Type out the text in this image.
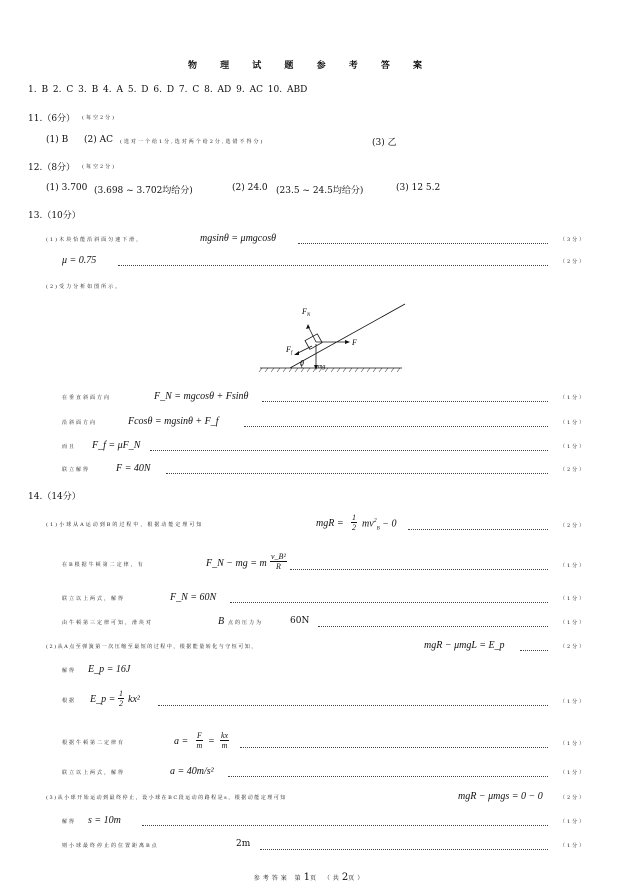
物 理 试 题 参 考 答 案
1. B 2. C 3. B 4. A 5. D 6. D 7. C 8. AD 9. AC 10. ABD
11.（6分） (每空2分)
(1) B (2) AC (选对一个给1分,选对两个给2分,选错不得分)	(3) 乙
12.（8分） (每空2分)
(1) 3.700 (3.698 ~ 3.702均给分)	(2) 24.0 (23.5 ~ 24.5均给分)	(3) 12 5.2
13.（10分）
(1)木块恰能沿斜面匀速下滑，	mgsinθ = μmgcosθ	（3分）
μ = 0.75	（2分）
(2)受力分析如图所示。
$F_N$
$F_f$
F
θ mg
在垂直斜面方向	F_N = mgcosθ + Fsinθ	（1分）
沿斜面方向	Fcosθ = mgsinθ + F_f	（1分）
而且 F_f = μF_N	（1分）
联立解得	F = 40N	（2分）
14.（14分）
(1)小球从A运动到B的过程中，根据动能定理可知	mgR = $\frac{1}{2} mv^2_B - 0$	（2分）
在B根据牛顿第二定律，有	F_N − mg = m $\frac{\text{v\_B²}}{R}$	（1分）
联立以上两式，解得	F_N = 60N	（1分）
由牛顿第三定律可知，滑块对	B 点的压力为	60N	（1分）
(2)从A点至弹簧第一次压缩至最短的过程中，根据能量转化与守恒可知，	mgR − μmgL = E_p	（2分）
解得 E_p = 16J
根据 E_p = $\frac{1}{2} kx^2$	（1分）
根据牛顿第二定律有	$a = \frac{F}{m} = \frac{kx}{m}$	（1分）
联立以上两式，解得	a = 40m/s²	（1分）
(3)从小球开始运动到最终停止，设小球在BC段运动的路程是s，根据动能定理可知	mgR − μmgs = 0 − 0	（2分）
解得 s = 10m	（1分）
则小球最终停止的位置距离B点	2m	（1分）
参考答案 第1页 （共2页）
